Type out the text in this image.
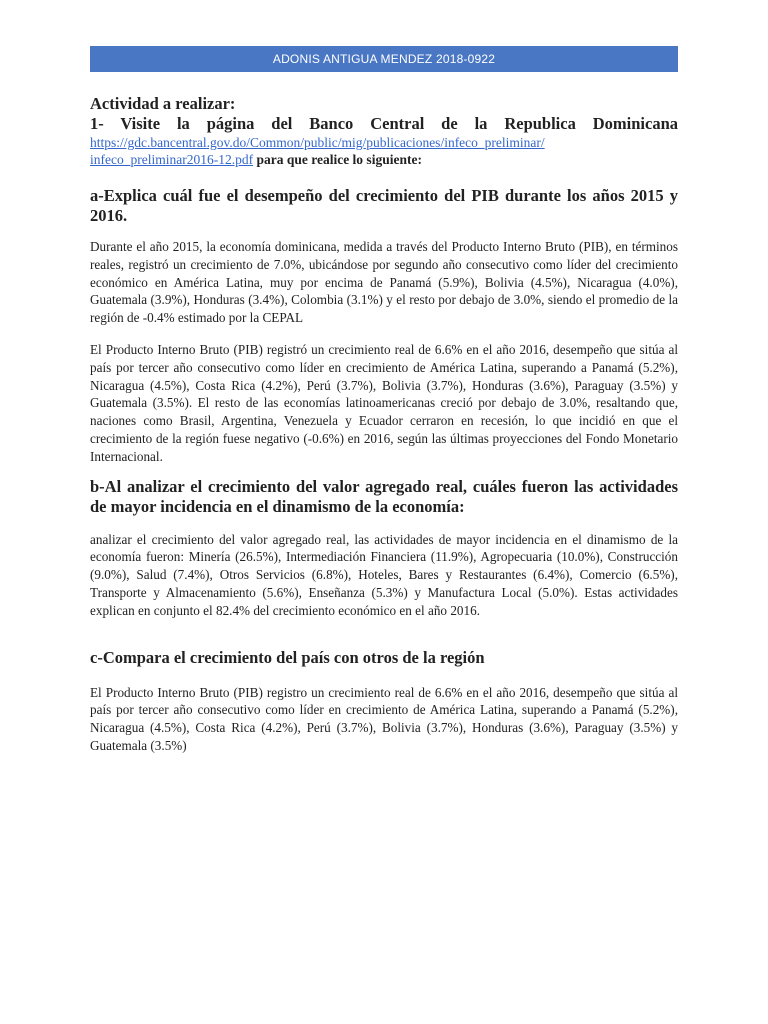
ADONIS ANTIGUA MENDEZ 2018-0922

Actividad a realizar:

1- Visite la página del Banco Central de la Republica Dominicana

https://gdc.bancentral.gov.do/Common/public/mig/publicaciones/infeco_preliminar/
infeco_preliminar2016-12.pdf para que realice lo siguiente:

a-Explica cuál fue el desempeño del crecimiento del PIB durante los años 2015 y 2016.

Durante el año 2015, la economía dominicana, medida a través del Producto Interno Bruto (PIB), en términos reales, registró un crecimiento de 7.0%, ubicándose por segundo año consecutivo como líder del crecimiento económico en América Latina, muy por encima de Panamá (5.9%), Bolivia (4.5%), Nicaragua (4.0%), Guatemala (3.9%), Honduras (3.4%), Colombia (3.1%) y el resto por debajo de 3.0%, siendo el promedio de la región de -0.4% estimado por la CEPAL

El Producto Interno Bruto (PIB) registró un crecimiento real de 6.6% en el año 2016, desempeño que sitúa al país por tercer año consecutivo como líder en crecimiento de América Latina, superando a Panamá (5.2%), Nicaragua (4.5%), Costa Rica (4.2%), Perú (3.7%), Bolivia (3.7%), Honduras (3.6%), Paraguay (3.5%) y Guatemala (3.5%). El resto de las economías latinoamericanas creció por debajo de 3.0%, resaltando que, naciones como Brasil, Argentina, Venezuela y Ecuador cerraron en recesión, lo que incidió en que el crecimiento de la región fuese negativo (-0.6%) en 2016, según las últimas proyecciones del Fondo Monetario Internacional.

b-Al analizar el crecimiento del valor agregado real, cuáles fueron las actividades de mayor incidencia en el dinamismo de la economía:

analizar el crecimiento del valor agregado real, las actividades de mayor incidencia en el dinamismo de la economía fueron: Minería (26.5%), Intermediación Financiera (11.9%), Agropecuaria (10.0%), Construcción (9.0%), Salud (7.4%), Otros Servicios (6.8%), Hoteles, Bares y Restaurantes (6.4%), Comercio (6.5%), Transporte y Almacenamiento (5.6%), Enseñanza (5.3%) y Manufactura Local (5.0%). Estas actividades explican en conjunto el 82.4% del crecimiento económico en el año 2016.

c-Compara el crecimiento del país con otros de la región

El Producto Interno Bruto (PIB) registro un crecimiento real de 6.6% en el año 2016, desempeño que sitúa al país por tercer año consecutivo como líder en crecimiento de América Latina, superando a Panamá (5.2%), Nicaragua (4.5%), Costa Rica (4.2%), Perú (3.7%), Bolivia (3.7%), Honduras (3.6%), Paraguay (3.5%) y Guatemala (3.5%)
